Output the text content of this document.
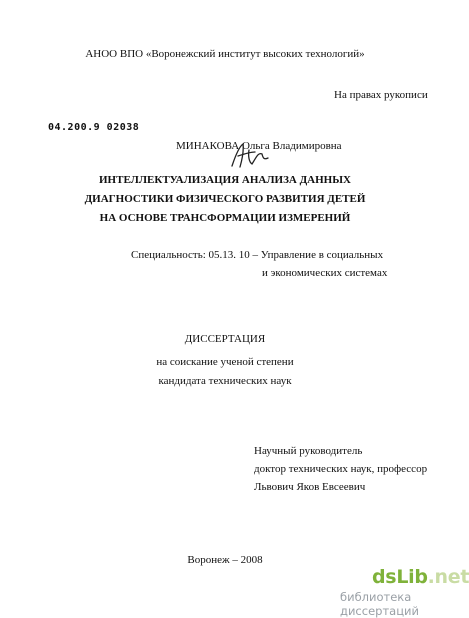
АНОО ВПО «Воронежский институт высоких технологий»
На правах рукописи
04.200.9 02038
МИНАКОВА Ольга Владимировна
ИНТЕЛЛЕКТУАЛИЗАЦИЯ АНАЛИЗА ДАННЫХ
ДИАГНОСТИКИ ФИЗИЧЕСКОГО РАЗВИТИЯ ДЕТЕЙ
НА ОСНОВЕ ТРАНСФОРМАЦИИ ИЗМЕРЕНИЙ
Специальность: 05.13. 10 – Управление в социальных
и экономических системах
ДИССЕРТАЦИЯ
на соискание ученой степени
кандидата технических наук
Научный руководитель
доктор технических наук, профессор
Львович Яков Евсеевич
Воронеж – 2008
dsLib.net
библиотека диссертаций
